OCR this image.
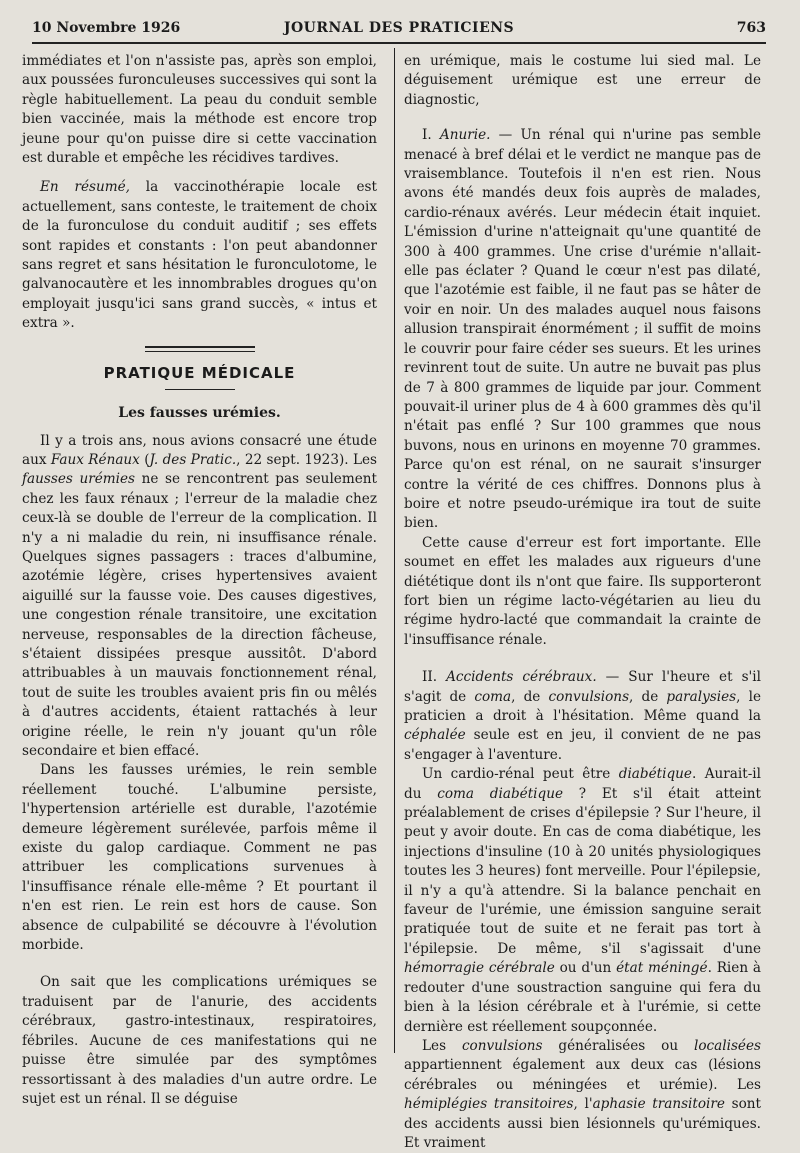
10 Novembre 1926	JOURNAL DES PRATICIENS	763

immédiates et l'on n'assiste pas, après son emploi, aux poussées furonculeuses successives qui sont la règle habituellement. La peau du conduit semble bien vaccinée, mais la méthode est encore trop jeune pour qu'on puisse dire si cette vaccination est durable et empêche les récidives tardives.

En résumé, la vaccinothérapie locale est actuellement, sans conteste, le traitement de choix de la furonculose du conduit auditif ; ses effets sont rapides et constants : l'on peut abandonner sans regret et sans hésitation le furonculotome, le galvanocautère et les innombrables drogues qu'on employait jusqu'ici sans grand succès, « intus et extra ».

PRATIQUE MÉDICALE
Les fausses urémies.

Il y a trois ans, nous avions consacré une étude aux Faux Rénaux (J. des Pratic., 22 sept. 1923). Les fausses urémies ne se rencontrent pas seulement chez les faux rénaux ; l'erreur de la maladie chez ceux-là se double de l'erreur de la complication. Il n'y a ni maladie du rein, ni insuffisance rénale. Quelques signes passagers : traces d'albumine, azotémie légère, crises hypertensives avaient aiguillé sur la fausse voie. Des causes digestives, une congestion rénale transitoire, une excitation nerveuse, responsables de la direction fâcheuse, s'étaient dissipées presque aussitôt. D'abord attribuables à un mauvais fonctionnement rénal, tout de suite les troubles avaient pris fin ou mêlés à d'autres accidents, étaient rattachés à leur origine réelle, le rein n'y jouant qu'un rôle secondaire et bien effacé.

Dans les fausses urémies, le rein semble réellement touché. L'albumine persiste, l'hypertension artérielle est durable, l'azotémie demeure légèrement surélevée, parfois même il existe du galop cardiaque. Comment ne pas attribuer les complications survenues à l'insuffisance rénale elle-même ? Et pourtant il n'en est rien. Le rein est hors de cause. Son absence de culpabilité se découvre à l'évolution morbide.

On sait que les complications urémiques se traduisent par de l'anurie, des accidents cérébraux, gastro-intestinaux, respiratoires, fébriles. Aucune de ces manifestations qui ne puisse être simulée par des symptômes ressortissant à des maladies d'un autre ordre. Le sujet est un rénal. Il se déguise

en urémique, mais le costume lui sied mal. Le déguisement urémique est une erreur de diagnostic,

I. Anurie. — Un rénal qui n'urine pas semble menacé à bref délai et le verdict ne manque pas de vraisemblance. Toutefois il n'en est rien. Nous avons été mandés deux fois auprès de malades, cardio-rénaux avérés. Leur médecin était inquiet. L'émission d'urine n'atteignait qu'une quantité de 300 à 400 grammes. Une crise d'urémie n'allait-elle pas éclater ? Quand le cœur n'est pas dilaté, que l'azotémie est faible, il ne faut pas se hâter de voir en noir. Un des malades auquel nous faisons allusion transpirait énormément ; il suffit de moins le couvrir pour faire céder ses sueurs. Et les urines revinrent tout de suite. Un autre ne buvait pas plus de 7 à 800 grammes de liquide par jour. Comment pouvait-il uriner plus de 4 à 600 grammes dès qu'il n'était pas enflé ? Sur 100 grammes que nous buvons, nous en urinons en moyenne 70 grammes. Parce qu'on est rénal, on ne saurait s'insurger contre la vérité de ces chiffres. Donnons plus à boire et notre pseudo-urémique ira tout de suite bien.

Cette cause d'erreur est fort importante. Elle soumet en effet les malades aux rigueurs d'une diététique dont ils n'ont que faire. Ils supporteront fort bien un régime lacto-végétarien au lieu du régime hydro-lacté que commandait la crainte de l'insuffisance rénale.

II. Accidents cérébraux. — Sur l'heure et s'il s'agit de coma, de convulsions, de paralysies, le praticien a droit à l'hésitation. Même quand la céphalée seule est en jeu, il convient de ne pas s'engager à l'aventure.

Un cardio-rénal peut être diabétique. Aurait-il du coma diabétique ? Et s'il était atteint préalablement de crises d'épilepsie ? Sur l'heure, il peut y avoir doute. En cas de coma diabétique, les injections d'insuline (10 à 20 unités physiologiques toutes les 3 heures) font merveille. Pour l'épilepsie, il n'y a qu'à attendre. Si la balance penchait en faveur de l'urémie, une émission sanguine serait pratiquée tout de suite et ne ferait pas tort à l'épilepsie. De même, s'il s'agissait d'une hémorragie cérébrale ou d'un état méningé. Rien à redouter d'une soustraction sanguine qui fera du bien à la lésion cérébrale et à l'urémie, si cette dernière est réellement soupçonnée.

Les convulsions généralisées ou localisées appartiennent également aux deux cas (lésions cérébrales ou méningées et urémie). Les hémiplégies transitoires, l'aphasie transitoire sont des accidents aussi bien lésionnels qu'urémiques. Et vraiment
